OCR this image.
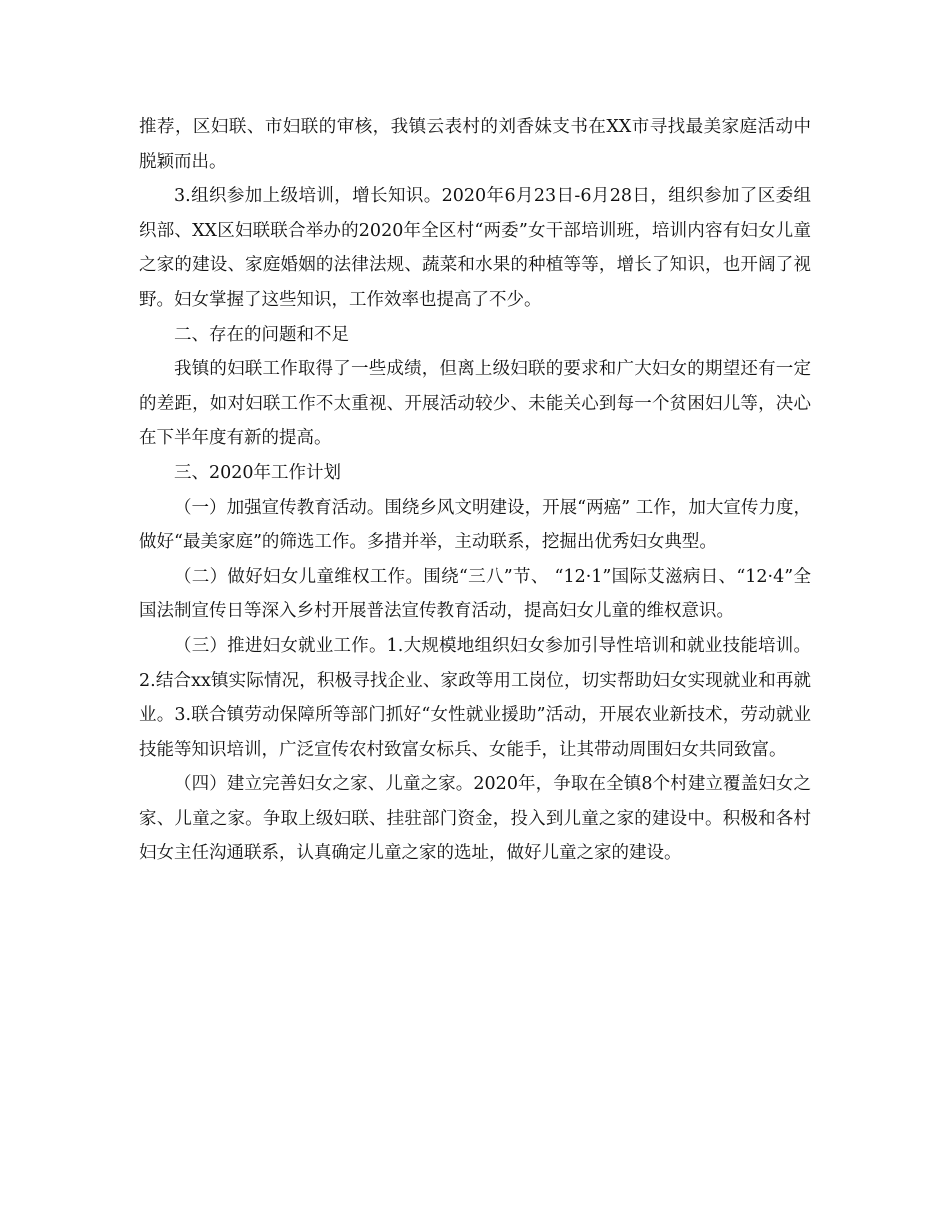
推荐，区妇联、市妇联的审核，我镇云表村的刘香妹支书在XX市寻找最美家庭活动中脱颖而出。

3.组织参加上级培训，增长知识。2020年6月23日-6月28日，组织参加了区委组织部、XX区妇联联合举办的2020年全区村“两委”女干部培训班，培训内容有妇女儿童之家的建设、家庭婚姻的法律法规、蔬菜和水果的种植等等，增长了知识，也开阔了视野。妇女掌握了这些知识，工作效率也提高了不少。

二、存在的问题和不足

我镇的妇联工作取得了一些成绩，但离上级妇联的要求和广大妇女的期望还有一定的差距，如对妇联工作不太重视、开展活动较少、未能关心到每一个贫困妇儿等，决心在下半年度有新的提高。

三、2020年工作计划

（一）加强宣传教育活动。围绕乡风文明建设，开展“两癌” 工作，加大宣传力度，做好“最美家庭”的筛选工作。多措并举，主动联系，挖掘出优秀妇女典型。

（二）做好妇女儿童维权工作。围绕“三八”节、 “12·1”国际艾滋病日、“12·4”全国法制宣传日等深入乡村开展普法宣传教育活动，提高妇女儿童的维权意识。

（三）推进妇女就业工作。1.大规模地组织妇女参加引导性培训和就业技能培训。2.结合xx镇实际情况，积极寻找企业、家政等用工岗位，切实帮助妇女实现就业和再就业。3.联合镇劳动保障所等部门抓好“女性就业援助”活动，开展农业新技术，劳动就业技能等知识培训，广泛宣传农村致富女标兵、女能手，让其带动周围妇女共同致富。

（四）建立完善妇女之家、儿童之家。2020年，争取在全镇8个村建立覆盖妇女之家、儿童之家。争取上级妇联、挂驻部门资金，投入到儿童之家的建设中。积极和各村妇女主任沟通联系，认真确定儿童之家的选址，做好儿童之家的建设。
